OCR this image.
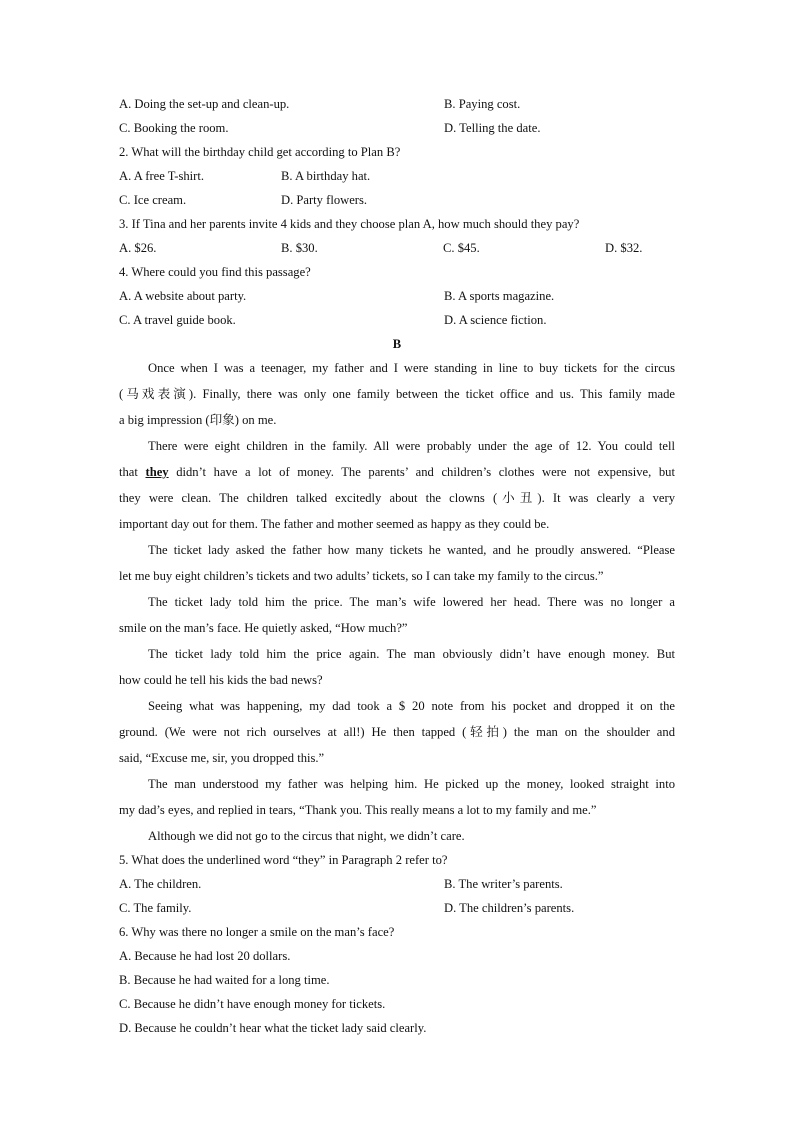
A. Doing the set-up and clean-up.	B. Paying cost.
C. Booking the room.	D. Telling the date.
2. What will the birthday child get according to Plan B?
A. A free T-shirt.	B. A birthday hat.
C. Ice cream.	D. Party flowers.
3. If Tina and her parents invite 4 kids and they choose plan A, how much should they pay?
A. $26.	B. $30.	C. $45.	D. $32.
4. Where could you find this passage?
A. A website about party.	B. A sports magazine.
C. A travel guide book.	D. A science fiction.
B
Once when I was a teenager, my father and I were standing in line to buy tickets for the circus
(马戏表演). Finally, there was only one family between the ticket office and us. This family made
a big impression (印象) on me.
There were eight children in the family. All were probably under the age of 12. You could tell
that they didn’t have a lot of money. The parents’ and children’s clothes were not expensive, but
they were clean. The children talked excitedly about the clowns (小丑). It was clearly a very
important day out for them. The father and mother seemed as happy as they could be.
The ticket lady asked the father how many tickets he wanted, and he proudly answered. “Please
let me buy eight children’s tickets and two adults’ tickets, so I can take my family to the circus.”
The ticket lady told him the price. The man’s wife lowered her head. There was no longer a
smile on the man’s face. He quietly asked, “How much?”
The ticket lady told him the price again. The man obviously didn’t have enough money. But
how could he tell his kids the bad news?
Seeing what was happening, my dad took a $ 20 note from his pocket and dropped it on the
ground. (We were not rich ourselves at all!) He then tapped (轻拍) the man on the shoulder and
said, “Excuse me, sir, you dropped this.”
The man understood my father was helping him. He picked up the money, looked straight into
my dad’s eyes, and replied in tears, “Thank you. This really means a lot to my family and me.”
Although we did not go to the circus that night, we didn’t care.
5. What does the underlined word “they” in Paragraph 2 refer to?
A. The children.	B. The writer’s parents.
C. The family.	D. The children’s parents.
6. Why was there no longer a smile on the man’s face?
A. Because he had lost 20 dollars.
B. Because he had waited for a long time.
C. Because he didn’t have enough money for tickets.
D. Because he couldn’t hear what the ticket lady said clearly.
